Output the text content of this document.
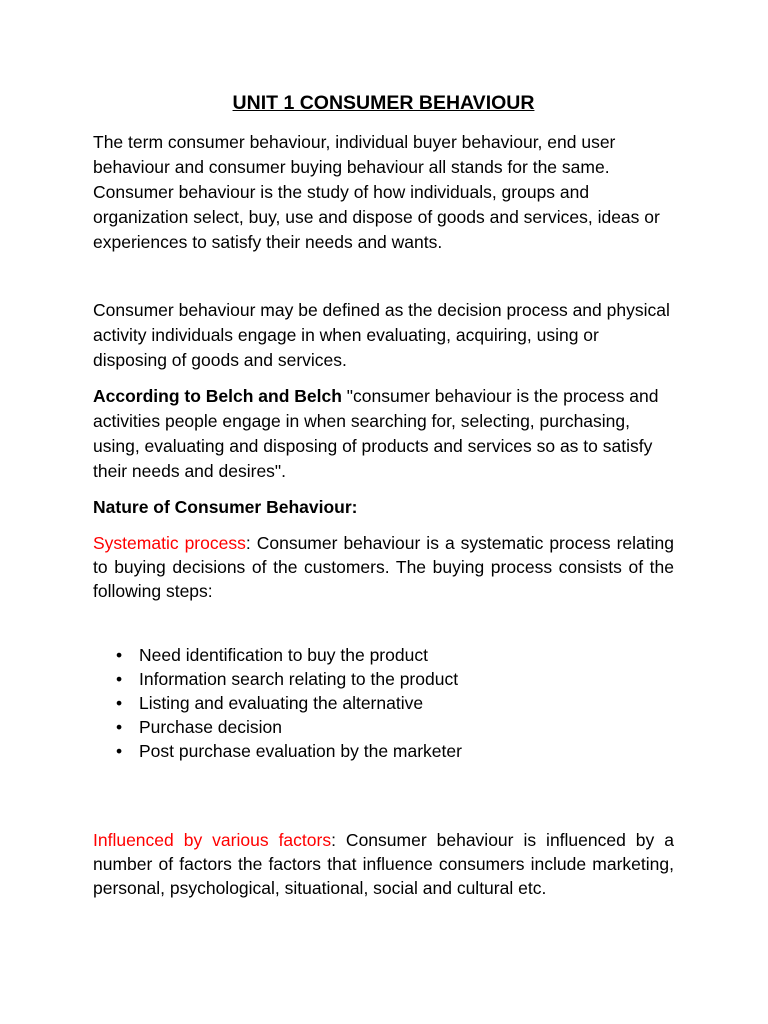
UNIT 1 CONSUMER BEHAVIOUR

The term consumer behaviour, individual buyer behaviour, end user behaviour and consumer buying behaviour all stands for the same. Consumer behaviour is the study of how individuals, groups and organization select, buy, use and dispose of goods and services, ideas or experiences to satisfy their needs and wants.

Consumer behaviour may be defined as the decision process and physical activity individuals engage in when evaluating, acquiring, using or disposing of goods and services.

According to Belch and Belch "consumer behaviour is the process and activities people engage in when searching for, selecting, purchasing, using, evaluating and disposing of products and services so as to satisfy their needs and desires".

Nature of Consumer Behaviour:

Systematic process: Consumer behaviour is a systematic process relating to buying decisions of the customers. The buying process consists of the following steps:

• Need identification to buy the product
• Information search relating to the product
• Listing and evaluating the alternative
• Purchase decision
• Post purchase evaluation by the marketer

Influenced by various factors: Consumer behaviour is influenced by a number of factors the factors that influence consumers include marketing, personal, psychological, situational, social and cultural etc.
